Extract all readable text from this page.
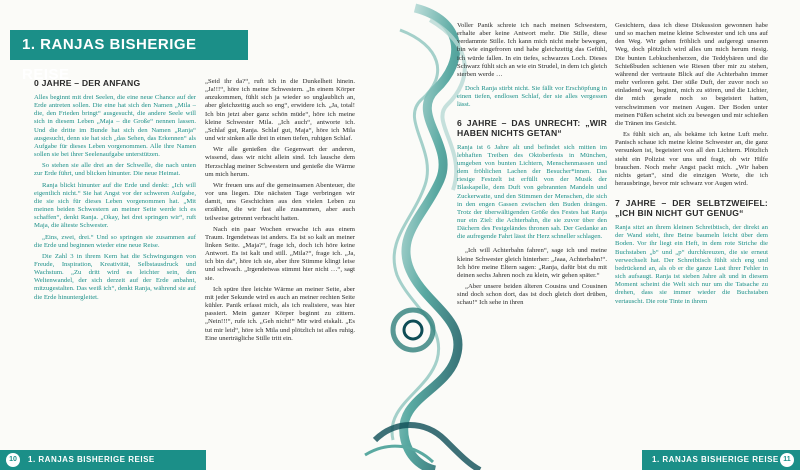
1. RANJAS BISHERIGE REISE
0 JAHRE – DER ANFANG

Alles beginnt mit drei Seelen, die eine neue Chance auf der Erde antreten sollen. Die eine hat sich den Namen „Mila – die, den Frieden bringt“ ausgesucht, die andere Seele will sich in diesem Leben „Maja – die Große“ nennen lassen. Und die dritte im Bunde hat sich den Namen „Ranja“ ausgesucht, denn sie hat sich „das Sehen, das Erkennen“ als Aufgabe für dieses Leben vorgenommen. Alle ihre Namen sollen sie bei ihrer Seelenaufgabe unterstützen.

So stehen sie alle drei an der Schwelle, die nach unten zur Erde führt, und blicken hinunter. Die neue Heimat.

Ranja blickt hinunter auf die Erde und denkt: „Ich will eigentlich nicht.“ Sie hat Angst vor der schweren Aufgabe, die sie sich für dieses Leben vorgenommen hat. „Mit meinen beiden Schwestern an meiner Seite werde ich es schaffen“, denkt Ranja. „Okay, hei drei springen wir“, ruft Maja, die älteste Schwester.

„Eins, zwei, drei.“ Und so springen sie zusammen auf die Erde und beginnen wieder eine neue Reise.

Die Zahl 3 in ihrem Kern hat die Schwingungen von Freude, Inspiration, Kreativität, Selbstausdruck und Wachstum. „Zu dritt wird es leichter sein, den Weltenwandel, der sich derzeit auf der Erde anbahnt, mitzugestalten. Das weiß ich“, denkt Ranja, während sie auf die Erde hinuntergleitet.

„Seid ihr da?“, ruft ich in die Dunkelheit hinein. „Ja!!!“, höre ich meine Schwestern. „In einem Körper anzukommen, fühlt sich ja wieder so unglaublich an, aber gleichzeitig auch so eng“, erwidere ich. „Ja, total! Ich bin jetzt aber ganz schön müde“, höre ich meine kleine Schwester Mila. „Ich auch“, antworte ich. „Schlaf gut, Ranja. Schlaf gut, Maja“, höre ich Mila und wir sinken alle drei in einen tiefen, ruhigen Schlaf.

Wir alle genießen die Gegenwart der anderen, wissend, dass wir nicht allein sind. Ich lausche dem Herzschlag meiner Schwestern und genieße die Wärme um mich herum.

Wir freuen uns auf die gemeinsamen Abenteuer, die vor uns liegen. Die nächsten Tage verbringen wir damit, uns Geschichten aus den vielen Leben zu erzählen, die wir fast alle zusammen, aber auch teilweise getrennt verbracht hatten.

Nach ein paar Wochen erwache ich aus einem Traum. Irgendetwas ist anders. Es ist so kalt an meiner linken Seite. „Maja?“, frage ich, doch ich höre keine Antwort. Es ist kalt und still. „Mila?“, frage ich. „Ja, ich bin da“, höre ich sie, aber ihre Stimme klingt leise und schwach. „Irgendetwas stimmt hier nicht …“, sagt sie.

Ich spüre ihre leichte Wärme an meiner Seite, aber mit jeder Sekunde wird es auch an meiner rechten Seite kühler. Panik erfasst mich, als ich realisiere, was hier passiert. Mein ganzer Körper beginnt zu zittern. „Nein!!!“, rufe ich. „Geh nicht!“ Mir wird eiskalt. „Es tut mir leid“, höre ich Mila und plötzlich ist alles ruhig. Eine unerträgliche Stille tritt ein.

10	1. RANJAS BISHERIGE REISE

Voller Panik schreie ich nach meinen Schwestern, erhalte aber keine Antwort mehr. Die Stille, diese verdammte Stille. Ich kann mich nicht mehr bewegen, bin wie eingefroren und habe gleichzeitig das Gefühl, ich würde fallen. In ein tiefes, schwarzes Loch. Dieses Schwarz fühlt sich an wie ein Strudel, in dem ich gleich sterben werde …

Doch Ranja stirbt nicht. Sie fällt vor Erschöpfung in einen tiefen, endlosen Schlaf, der sie alles vergessen lässt.

6 JAHRE – DAS UNRECHT: „WIR HABEN NICHTS GETAN“

Ranja ist 6 Jahre alt und befindet sich mitten im lebhaften Treiben des Oktoberfests in München, umgeben von bunten Lichtern, Menschenmassen und dem fröhlichen Lachen der Besucher*innen. Das riesige Festzelt ist erfüllt von der Musik der Blaskapelle, dem Duft von gebrannten Mandeln und Zuckerwatte, und den Stimmen der Menschen, die sich in den engen Gassen zwischen den Buden drängen. Trotz der überwältigenden Größe des Festes hat Ranja nur ein Ziel: die Achterbahn, die sie zuvor über den Dächern des Festgeländes thronen sah. Der Gedanke an die aufregende Fahrt lässt ihr Herz schneller schlagen.

„Ich will Achterbahn fahren“, sage ich und meine kleine Schwester gleich hinterher: „Jaaa, Achterbahn!“. Ich höre meine Eltern sagen: „Ranja, dafür bist du mit deinen sechs Jahren noch zu klein, wir gehen später.“

„Aber unsere beiden älteren Cousins und Cousinen sind doch schon dort, das ist doch gleich dort drüben, schau!“ Ich sehe in ihren

Gesichtern, dass ich diese Diskussion gewonnen habe und so machen meine kleine Schwester und ich uns auf den Weg. Wir gehen fröhlich und aufgeregt unseren Weg, doch plötzlich wird alles um mich herum riesig. Die bunten Lebkuchenherzen, die Teddybären und die Schießbuden schienen wie Riesen über mir zu stehen, während der vertraute Blick auf die Achterbahn immer mehr verloren geht. Der süße Duft, der zuvor noch so einladend war, beginnt, mich zu stören, und die Lichter, die mich gerade noch so begeistert hatten, verschwimmen vor meinen Augen. Der Boden unter meinen Füßen scheint sich zu bewegen und mir schießen die Tränen ins Gesicht.

Es fühlt sich an, als bekäme ich keine Luft mehr. Panisch schaue ich meine kleine Schwester an, die ganz versunken ist, begeistert von all den Lichtern. Plötzlich steht ein Polizist vor uns und fragt, ob wir Hilfe brauchen. Noch mehr Angst packt mich. „Wir haben nichts getan“, sind die einzigen Worte, die ich herausbringe, bevor mir schwarz vor Augen wird.

7 JAHRE – DER SELBTZWEIFEL: „ICH BIN NICHT GUT GENUG“

Ranja sitzt an ihrem kleinen Schreibtisch, der direkt an der Wand steht, ihre Beine baumeln leicht über dem Boden. Vor ihr liegt ein Heft, in dem rote Striche die Buchstaben „b“ und „p“ durchkreuzen, die sie erneut verwechselt hat. Der Schreibtisch fühlt sich eng und bedrückend an, als ob er die ganze Last ihrer Fehler in sich aufsaugt. Ranja ist sieben Jahre alt und in diesem Moment scheint die Welt sich nur um die Tatsache zu drehen, dass sie immer wieder die Buchstaben vertauscht. Die rote Tinte in ihrem

1. RANJAS BISHERIGE REISE 11
